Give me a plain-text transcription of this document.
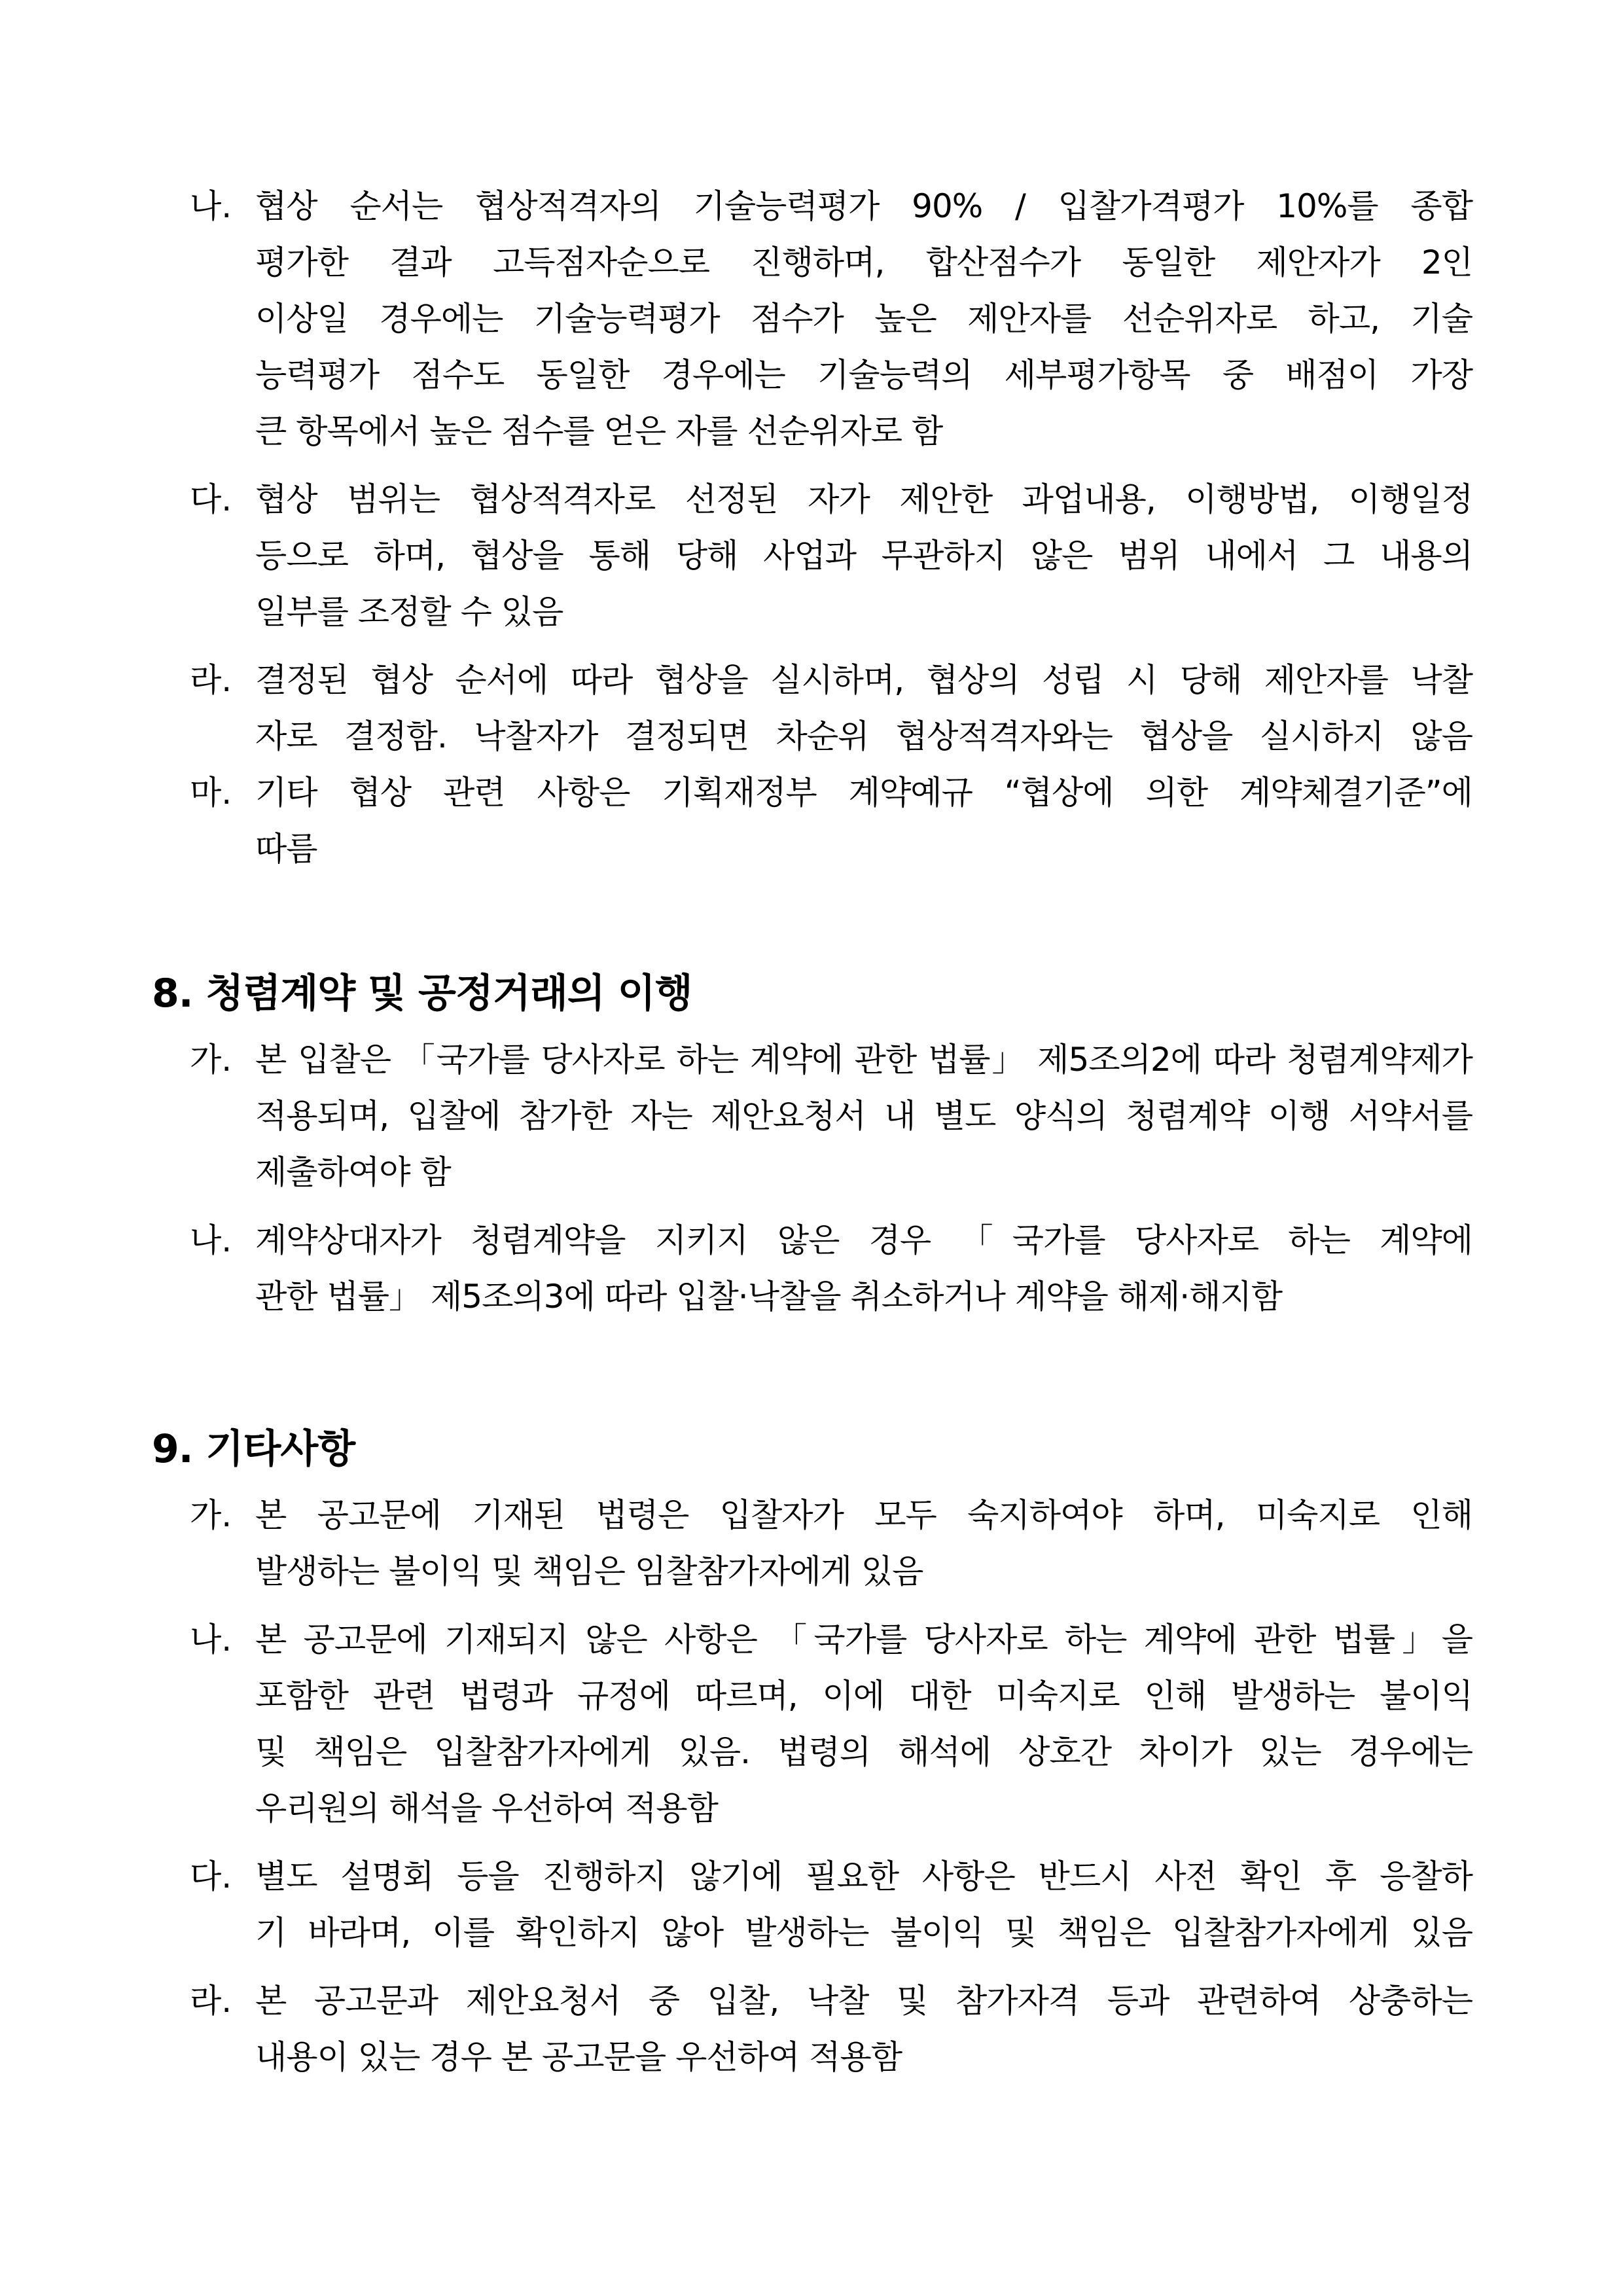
나. 협상 순서는 협상적격자의 기술능력평가 90% / 입찰가격평가 10%를 종합
평가한 결과 고득점자순으로 진행하며, 합산점수가 동일한 제안자가 2인
이상일 경우에는 기술능력평가 점수가 높은 제안자를 선순위자로 하고, 기술
능력평가 점수도 동일한 경우에는 기술능력의 세부평가항목 중 배점이 가장
큰 항목에서 높은 점수를 얻은 자를 선순위자로 함
다. 협상 범위는 협상적격자로 선정된 자가 제안한 과업내용, 이행방법, 이행일정
등으로 하며, 협상을 통해 당해 사업과 무관하지 않은 범위 내에서 그 내용의
일부를 조정할 수 있음
라. 결정된 협상 순서에 따라 협상을 실시하며, 협상의 성립 시 당해 제안자를 낙찰
자로 결정함. 낙찰자가 결정되면 차순위 협상적격자와는 협상을 실시하지 않음
마. 기타 협상 관련 사항은 기획재정부 계약예규 “협상에 의한 계약체결기준”에
따름
8. 청렴계약 및 공정거래의 이행
가. 본 입찰은 「국가를 당사자로 하는 계약에 관한 법률」 제5조의2에 따라 청렴계약제가
적용되며, 입찰에 참가한 자는 제안요청서 내 별도 양식의 청렴계약 이행 서약서를
제출하여야 함
나. 계약상대자가 청렴계약을 지키지 않은 경우 「국가를 당사자로 하는 계약에
관한 법률」 제5조의3에 따라 입찰·낙찰을 취소하거나 계약을 해제·해지함
9. 기타사항
가. 본 공고문에 기재된 법령은 입찰자가 모두 숙지하여야 하며, 미숙지로 인해
발생하는 불이익 및 책임은 임찰참가자에게 있음
나. 본 공고문에 기재되지 않은 사항은 「국가를 당사자로 하는 계약에 관한 법률」을
포함한 관련 법령과 규정에 따르며, 이에 대한 미숙지로 인해 발생하는 불이익
및 책임은 입찰참가자에게 있음. 법령의 해석에 상호간 차이가 있는 경우에는
우리원의 해석을 우선하여 적용함
다. 별도 설명회 등을 진행하지 않기에 필요한 사항은 반드시 사전 확인 후 응찰하
기 바라며, 이를 확인하지 않아 발생하는 불이익 및 책임은 입찰참가자에게 있음
라. 본 공고문과 제안요청서 중 입찰, 낙찰 및 참가자격 등과 관련하여 상충하는
내용이 있는 경우 본 공고문을 우선하여 적용함
